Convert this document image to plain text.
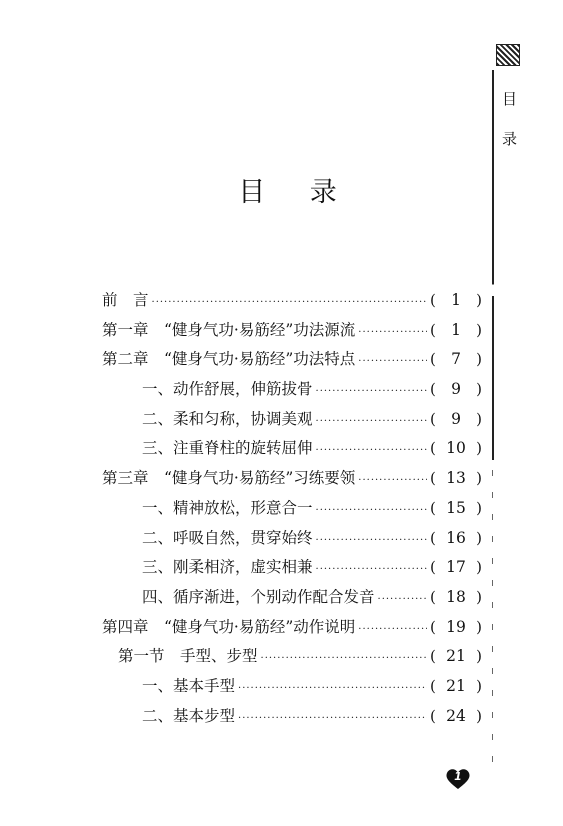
目
录
目 录
前　言 ·····	( 1 )
第一章　“健身气功·易筋经”功法源流 ·····	( 1 )
第二章　“健身气功·易筋经”功法特点 ·····	( 7 )
一、动作舒展，伸筋拔骨 ·····	( 9 )
二、柔和匀称，协调美观 ·····	( 9 )
三、注重脊柱的旋转屈伸 ·····	( 10 )
第三章　“健身气功·易筋经”习练要领 ·····	( 13 )
一、精神放松，形意合一 ·····	( 15 )
二、呼吸自然，贯穿始终 ·····	( 16 )
三、刚柔相济，虚实相兼 ·····	( 17 )
四、循序渐进，个别动作配合发音 ·····	( 18 )
第四章　“健身气功·易筋经”动作说明 ·····	( 19 )
第一节　手型、步型 ·····	( 21 )
一、基本手型 ·····	( 21 )
二、基本步型 ·····	( 24 )
1
